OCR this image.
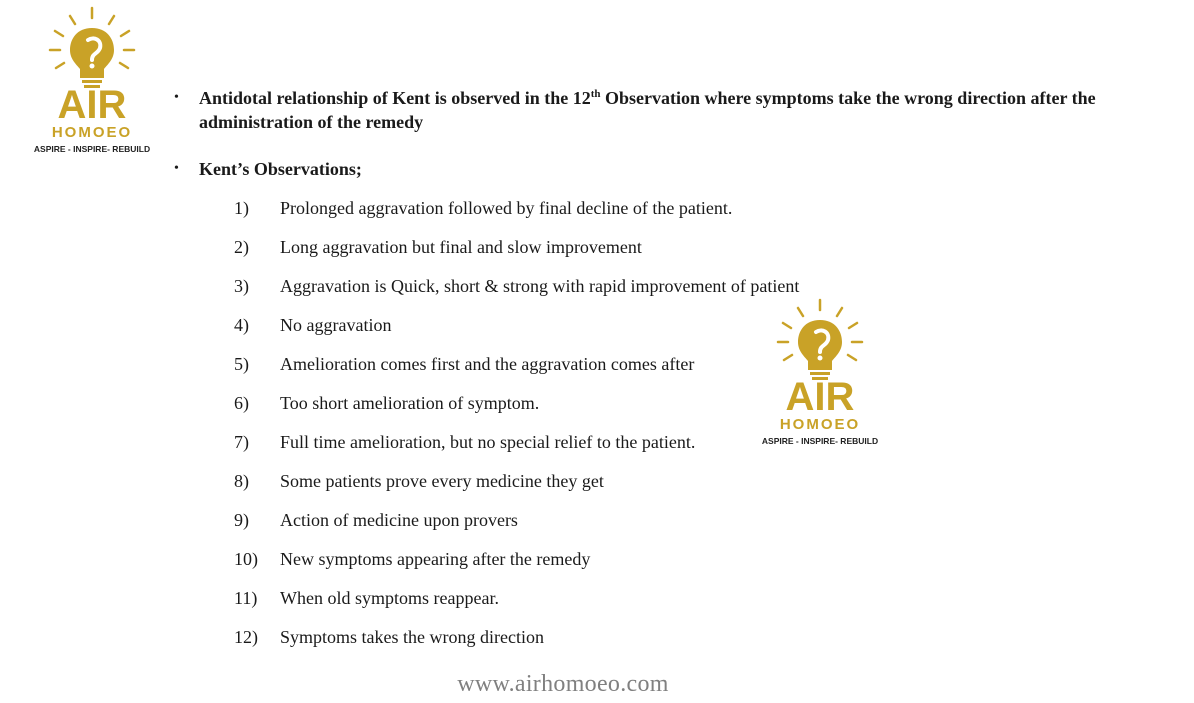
AIR
HOMOEO
ASPIRE - INSPIRE- REBUILD
AIR
HOMOEO
ASPIRE - INSPIRE- REBUILD
• Antidotal relationship of Kent is observed in the 12th Observation where symptoms take the wrong direction after the administration of the remedy
• Kent’s Observations;
1) Prolonged aggravation followed by final decline of the patient.
2) Long aggravation but final and slow improvement
3) Aggravation is Quick, short & strong with rapid improvement of patient
4) No aggravation
5) Amelioration comes first and the aggravation comes after
6) Too short amelioration of symptom.
7) Full time amelioration, but no special relief to the patient.
8) Some patients prove every medicine they get
9) Action of medicine upon provers
10) New symptoms appearing after the remedy
11) When old symptoms reappear.
12) Symptoms takes the wrong direction
www.airhomoeo.com
